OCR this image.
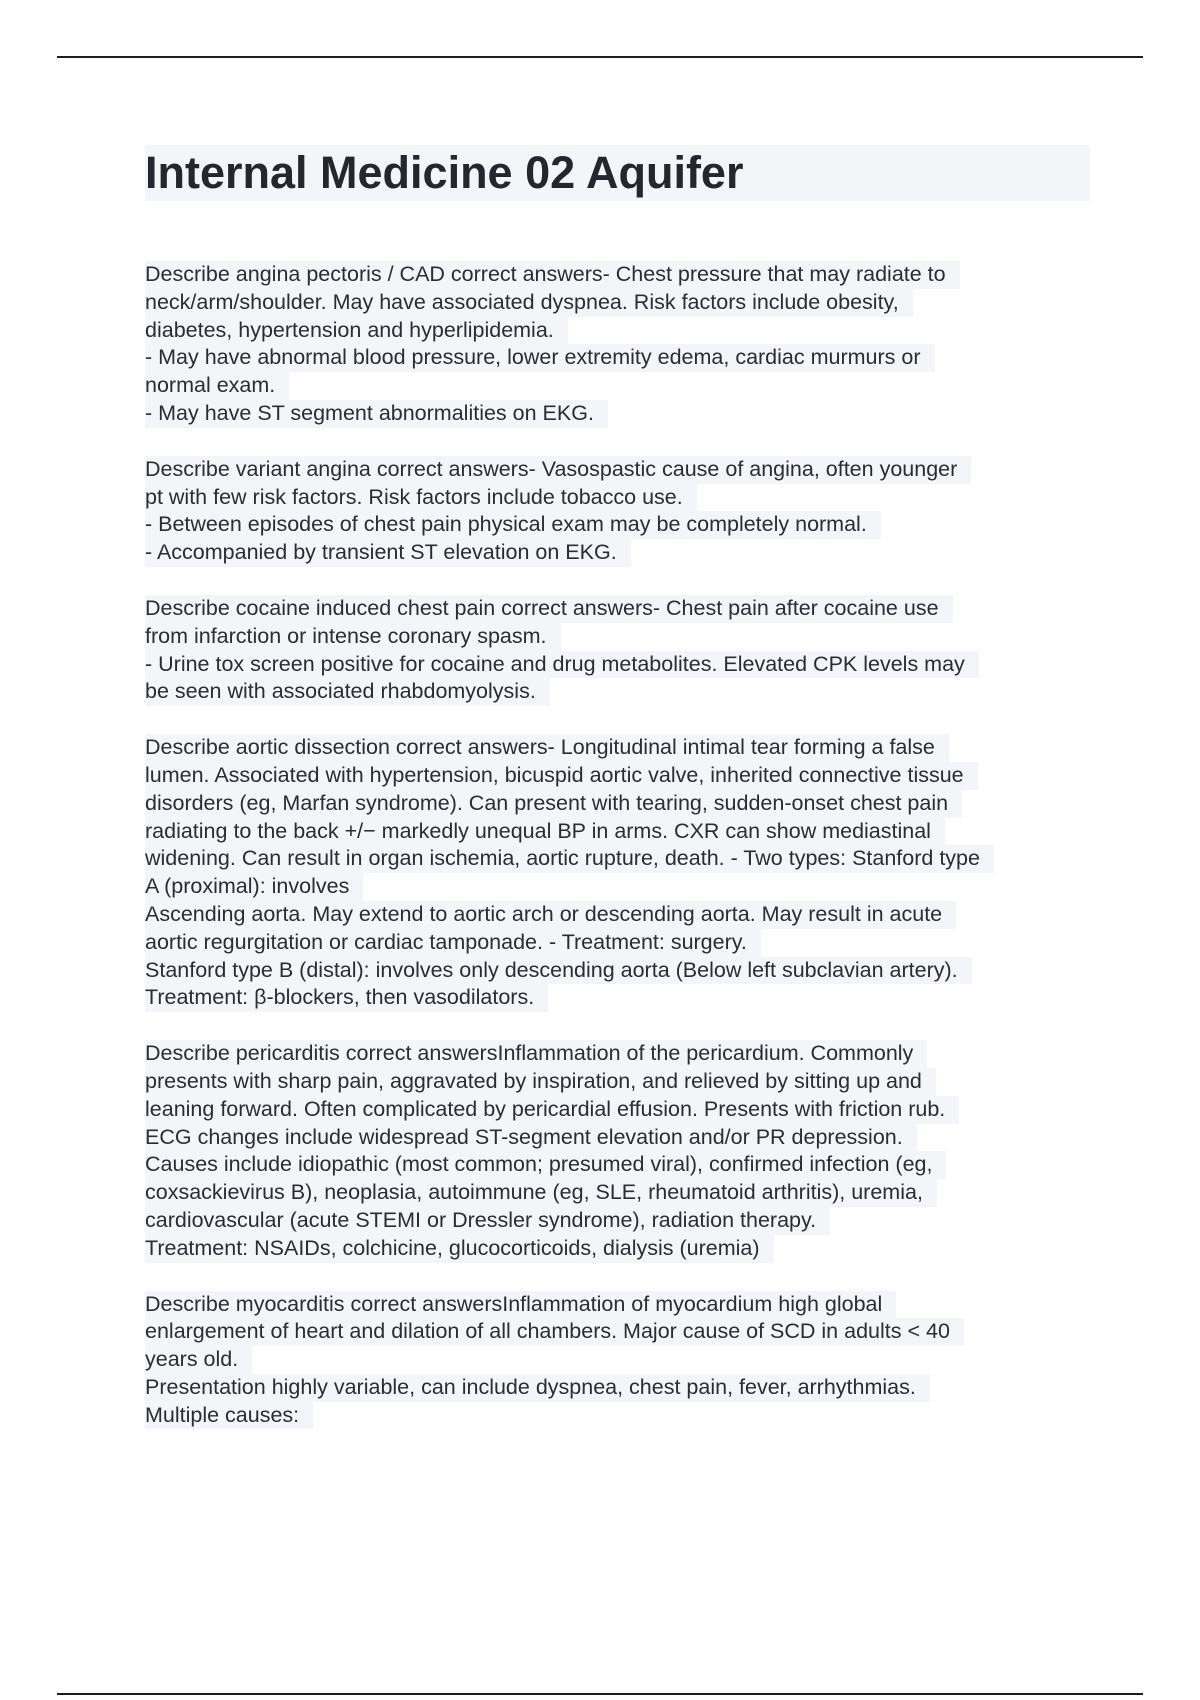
Internal Medicine 02 Aquifer
Describe angina pectoris / CAD correct answers- Chest pressure that may radiate to
neck/arm/shoulder. May have associated dyspnea. Risk factors include obesity,
diabetes, hypertension and hyperlipidemia.
- May have abnormal blood pressure, lower extremity edema, cardiac murmurs or
normal exam.
- May have ST segment abnormalities on EKG.
Describe variant angina correct answers- Vasospastic cause of angina, often younger
pt with few risk factors. Risk factors include tobacco use.
- Between episodes of chest pain physical exam may be completely normal.
- Accompanied by transient ST elevation on EKG.
Describe cocaine induced chest pain correct answers- Chest pain after cocaine use
from infarction or intense coronary spasm.
- Urine tox screen positive for cocaine and drug metabolites. Elevated CPK levels may
be seen with associated rhabdomyolysis.
Describe aortic dissection correct answers- Longitudinal intimal tear forming a false
lumen. Associated with hypertension, bicuspid aortic valve, inherited connective tissue
disorders (eg, Marfan syndrome). Can present with tearing, sudden-onset chest pain
radiating to the back +/− markedly unequal BP in arms. CXR can show mediastinal
widening. Can result in organ ischemia, aortic rupture, death. - Two types: Stanford type
A (proximal): involves
Ascending aorta. May extend to aortic arch or descending aorta. May result in acute
aortic regurgitation or cardiac tamponade. - Treatment: surgery.
Stanford type B (distal): involves only descending aorta (Below left subclavian artery).
Treatment: β-blockers, then vasodilators.
Describe pericarditis correct answersInflammation of the pericardium. Commonly
presents with sharp pain, aggravated by inspiration, and relieved by sitting up and
leaning forward. Often complicated by pericardial effusion. Presents with friction rub.
ECG changes include widespread ST-segment elevation and/or PR depression.
Causes include idiopathic (most common; presumed viral), confirmed infection (eg,
coxsackievirus B), neoplasia, autoimmune (eg, SLE, rheumatoid arthritis), uremia,
cardiovascular (acute STEMI or Dressler syndrome), radiation therapy.
Treatment: NSAIDs, colchicine, glucocorticoids, dialysis (uremia)
Describe myocarditis correct answersInflammation of myocardium high global
enlargement of heart and dilation of all chambers. Major cause of SCD in adults < 40
years old.
Presentation highly variable, can include dyspnea, chest pain, fever, arrhythmias.
Multiple causes:
